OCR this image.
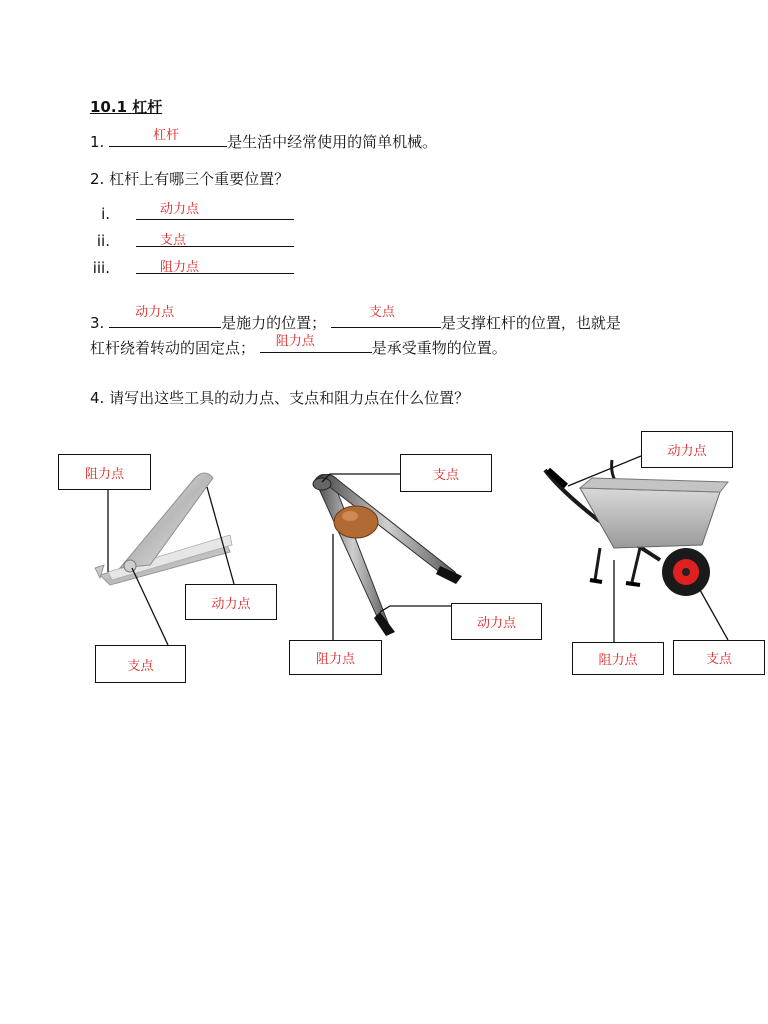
10.1 杠杆
1.	杠杆	是生活中经常使用的简单机械。
2. 杠杆上有哪三个重要位置？
i.	动力点
ii.	支点
iii.	阻力点
3.
动力点
是施力的位置；
支点
是支撑杠杆的位置，也就是
杠杆绕着转动的固定点； 阻力点	是承受重物的位置。
4. 请写出这些工具的动力点、支点和阻力点在什么位置？
阻力点
动力点
支点
支点
动力点
阻力点
动力点
阻力点	支点
